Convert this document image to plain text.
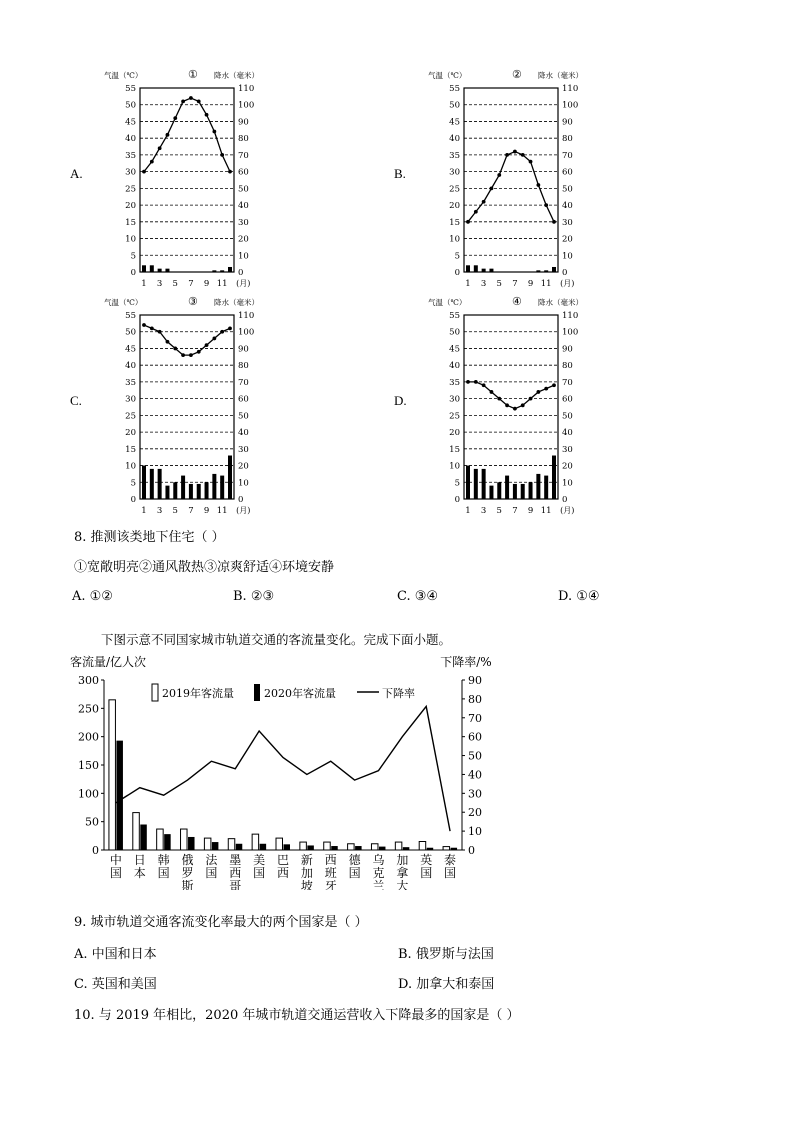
A.
气温（℃）	① 降水（毫米）
55
50
45
40
35
30
25
20
15
10
5
0
110
100
90
80
70
60
50
40
30
20
10
0
1 3 5 7 9 11 (月)
B.
气温（℃）	② 降水（毫米）
55
50
45
40
35
30
25
20
15
10
5
0
110
100
90
80
70
60
50
40
30
20
10
0
1 3 5 7 9 11 (月)
C.
气温（℃）	③ 降水（毫米）
55
50
45
40
35
30
25
20
15
10
5
0
110
100
90
80
70
60
50
40
30
20
10
0
1 3 5 7 9 11 (月)
D.
气温（℃）	④ 降水（毫米）
55
50
45
40
35
30
25
20
15
10
5
0
110
100
90
80
70
60
50
40
30
20
10
0
1 3 5 7 9 11 (月)
8. 推测该类地下住宅（ ）
①宽敞明亮②通风散热③凉爽舒适④环境安静
A. ①②	B. ②③	C. ③④	D. ①④
下图示意不同国家城市轨道交通的客流量变化。完成下面小题。
客流量/亿人次	下降率/%
300
250
200
150
100
50
0
90
80
70
60
50
40
30
20
10
0
2019年客流量	2020年客流量	下降率
中
国
日
本
韩
国
俄
罗
斯
法
国
墨
西
哥
美
国
巴
西
新
加
坡
西
班
牙
德
国
乌
克
兰
加
拿
大
英
国
泰
国
9. 城市轨道交通客流变化率最大的两个国家是（ ）
A. 中国和日本	B. 俄罗斯与法国
C. 英国和美国	D. 加拿大和泰国
10. 与 2019 年相比，2020 年城市轨道交通运营收入下降最多的国家是（ ）
